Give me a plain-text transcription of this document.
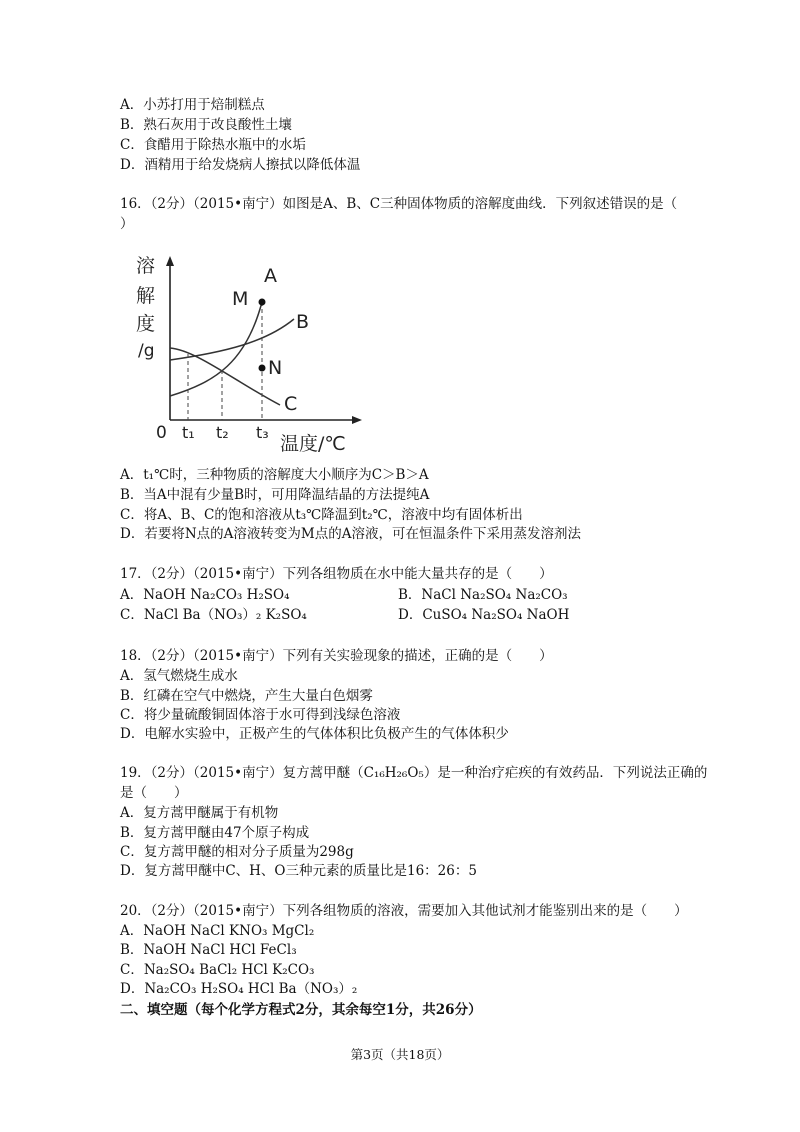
A．小苏打用于焙制糕点
B．熟石灰用于改良酸性土壤
C．食醋用于除热水瓶中的水垢
D．酒精用于给发烧病人擦拭以降低体温
16．（2分）（2015•南宁）如图是A、B、C三种固体物质的溶解度曲线．下列叙述错误的是（
）
溶
解
度
/g
M
N
A
B
C
0 t₁ t₂ t₃
温度/℃
A．t₁℃时，三种物质的溶解度大小顺序为C＞B＞A
B．当A中混有少量B时，可用降温结晶的方法提纯A
C．将A、B、C的饱和溶液从t₃℃降温到t₂℃，溶液中均有固体析出
D．若要将N点的A溶液转变为M点的A溶液，可在恒温条件下采用蒸发溶剂法
17．（2分）（2015•南宁）下列各组物质在水中能大量共存的是（　　）
A．NaOH Na₂CO₃ H₂SO₄	B．NaCl Na₂SO₄ Na₂CO₃
C．NaCl Ba（NO₃）₂ K₂SO₄	D．CuSO₄ Na₂SO₄ NaOH
18．（2分）（2015•南宁）下列有关实验现象的描述，正确的是（　　）
A．氢气燃烧生成水
B．红磷在空气中燃烧，产生大量白色烟雾
C．将少量硫酸铜固体溶于水可得到浅绿色溶液
D．电解水实验中，正极产生的气体体积比负极产生的气体体积少
19．（2分）（2015•南宁）复方蒿甲醚（C₁₆H₂₆O₅）是一种治疗疟疾的有效药品．下列说法正确的
是（　　）
A．复方蒿甲醚属于有机物
B．复方蒿甲醚由47个原子构成
C．复方蒿甲醚的相对分子质量为298g
D．复方蒿甲醚中C、H、O三种元素的质量比是16：26：5
20．（2分）（2015•南宁）下列各组物质的溶液，需要加入其他试剂才能鉴别出来的是（　　）
A．NaOH NaCl KNO₃ MgCl₂
B．NaOH NaCl HCl FeCl₃
C．Na₂SO₄ BaCl₂ HCl K₂CO₃
D．Na₂CO₃ H₂SO₄ HCl Ba（NO₃）₂
二、填空题（每个化学方程式2分，其余每空1分，共26分）
第3页（共18页）
